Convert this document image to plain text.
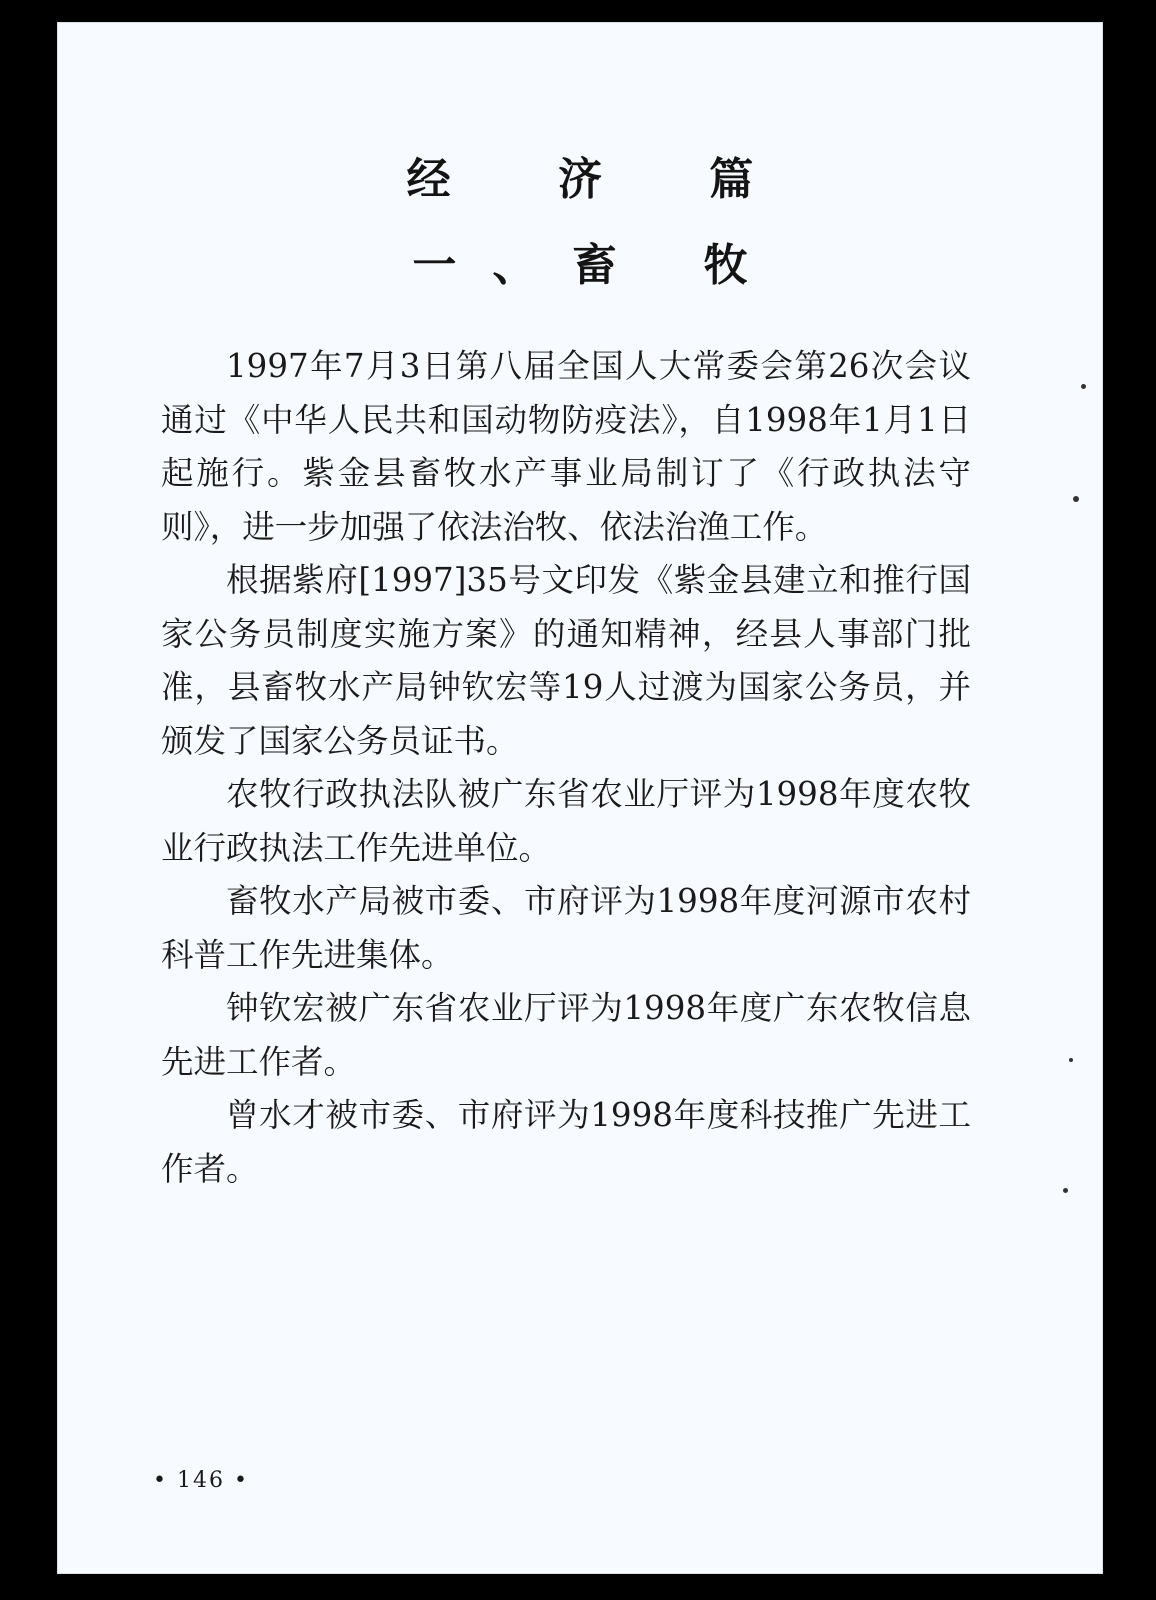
经 济 篇
一、畜 牧

1997年7月3日第八届全国人大常委会第26次会议通过《中华人民共和国动物防疫法》，自1998年1月1日起施行。紫金县畜牧水产事业局制订了《行政执法守则》，进一步加强了依法治牧、依法治渔工作。

根据紫府[1997]35号文印发《紫金县建立和推行国家公务员制度实施方案》的通知精神，经县人事部门批准，县畜牧水产局钟钦宏等19人过渡为国家公务员，并颁发了国家公务员证书。

农牧行政执法队被广东省农业厅评为1998年度农牧业行政执法工作先进单位。

畜牧水产局被市委、市府评为1998年度河源市农村科普工作先进集体。

钟钦宏被广东省农业厅评为1998年度广东农牧信息先进工作者。

曾水才被市委、市府评为1998年度科技推广先进工作者。

• 146 •
